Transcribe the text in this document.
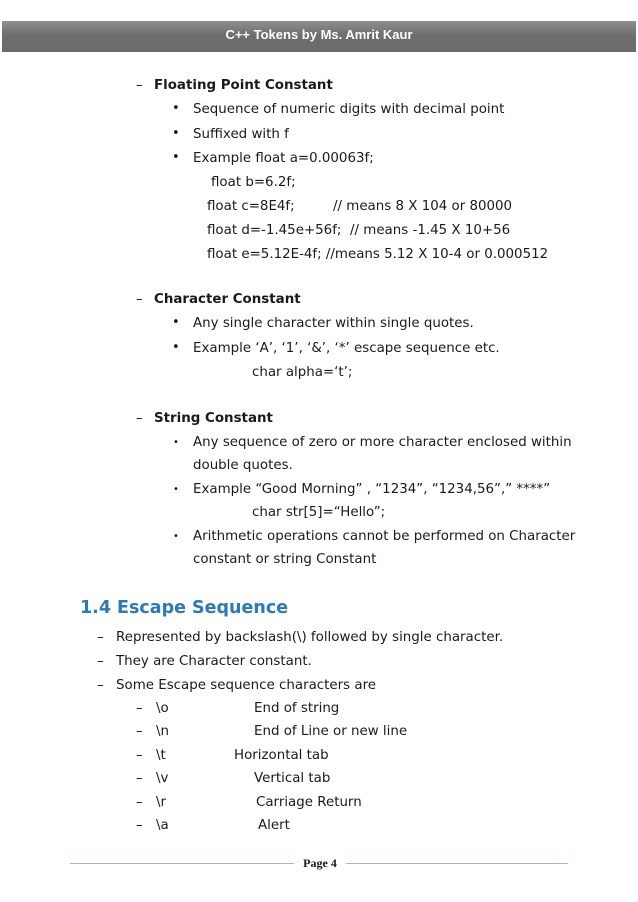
C++ Tokens by Ms. Amrit Kaur
– Floating Point Constant
• Sequence of numeric digits with decimal point
• Suffixed with f
• Example float a=0.00063f;
float b=6.2f;
float c=8E4f;	// means 8 X 104 or 80000
float d=-1.45e+56f; // means -1.45 X 10+56
float e=5.12E-4f; //means 5.12 X 10-4 or 0.000512
– Character Constant
• Any single character within single quotes.
• Example ‘A’, ‘1’, ‘&’, ‘*’ escape sequence etc.
char alpha=‘t’;
– String Constant
• Any sequence of zero or more character enclosed within
double quotes.
• Example “Good Morning” , “1234”, “1234,56”,” ****”
char str[5]=“Hello”;
• Arithmetic operations cannot be performed on Character
constant or string Constant
1.4 Escape Sequence
– Represented by backslash(\) followed by single character.
– They are Character constant.
– Some Escape sequence characters are
– \o	End of string
– \n	End of Line or new line
– \t	Horizontal tab
– \v	Vertical tab
– \r	Carriage Return
– \a	Alert
Page 4
